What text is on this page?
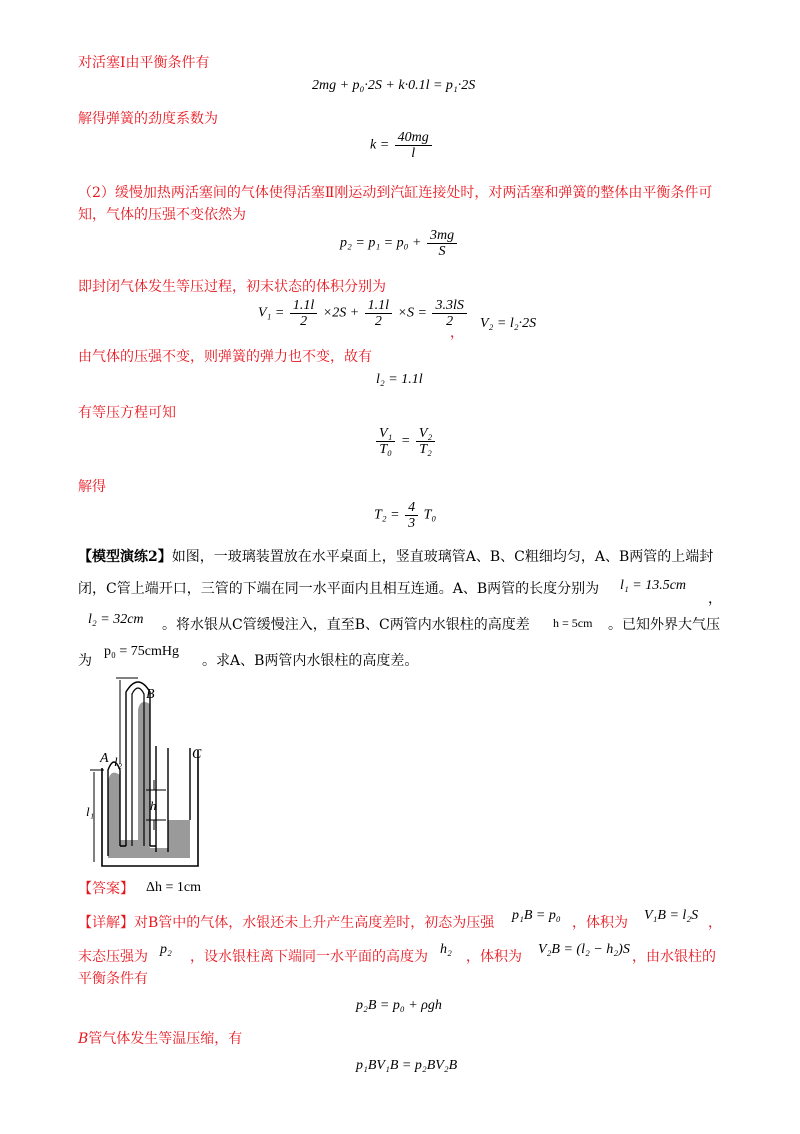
对活塞Ⅰ由平衡条件有
2mg + p₀·2S + k·0.1l = p₁·2S
解得弹簧的劲度系数为
$k = \frac{40mg}{l}$
（2）缓慢加热两活塞间的气体使得活塞Ⅱ刚运动到汽缸连接处时，对两活塞和弹簧的整体由平衡条件可
知，气体的压强不变依然为
$p_2 = p_1 = p_0 + \frac{3mg}{S}$
即封闭气体发生等压过程，初末状态的体积分别为
$V_1 = \frac{1.1l}{2} \times 2S + \frac{1.1l}{2} \times S = \frac{3.3lS}{2}$
，
V₂ = l₂·2S
由气体的压强不变，则弹簧的弹力也不变，故有
l₂ = 1.1l
有等压方程可知
$\frac{\text{V₁}}{\text{T₀}} = \frac{\text{V₂}}{\text{T₂}}$
解得
$T_2 = \frac{4}{3} T_0$
【模型演练2】如图，一玻璃装置放在水平桌面上，竖直玻璃管A、B、C粗细均匀，A、B两管的上端封
闭，C管上端开口，三管的下端在同一水平面内且相互连通。A、B两管的长度分别为 l₁ = 13.5cm
，
l₂ = 32cm 。将水银从C管缓慢注入，直至B、C两管内水银柱的高度差 h = 5cm 。已知外界大气压
为
p₀ = 75cmHg
。求A、B两管内水银柱的高度差。
A
B
C
l₁
l₂
h
【答案】 Δh = 1cm
【详解】对B管中的气体，水银还未上升产生高度差时，初态为压强 p₁B = p₀ ，体积为 V₁B = l₂S ，
末态压强为 p₂ ，设水银柱离下端同一水平面的高度为 h₂ ，体积为 V₂B = (l₂ − h₂)S ，由水银柱的
平衡条件有
p₂B = p₀ + ρgh
B管气体发生等温压缩，有
p₁BV₁B = p₂BV₂B
